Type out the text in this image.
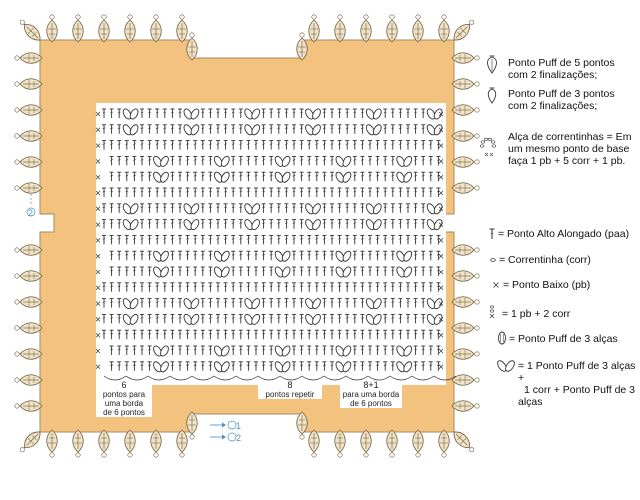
6
pontos para
uma borda
de 6 pontos
8
pontos repetir
8+1
para uma borda
de 6 pontos
1
2
2
Ponto Puff de 5 pontos
com 2 finalizações;
Ponto Puff de 3 pontos
com 2 finalizações;
Alça de correntinhas = Em
um mesmo ponto de base
faça 1 pb + 5 corr + 1 pb.
= Ponto Alto Alongado (paa)
= Correntinha (corr)
= Ponto Baixo (pb)
= 1 pb + 2 corr
= Ponto Puff de 3 alças
= 1 Ponto Puff de 3 alças +
1 corr + Ponto Puff de 3
alças
